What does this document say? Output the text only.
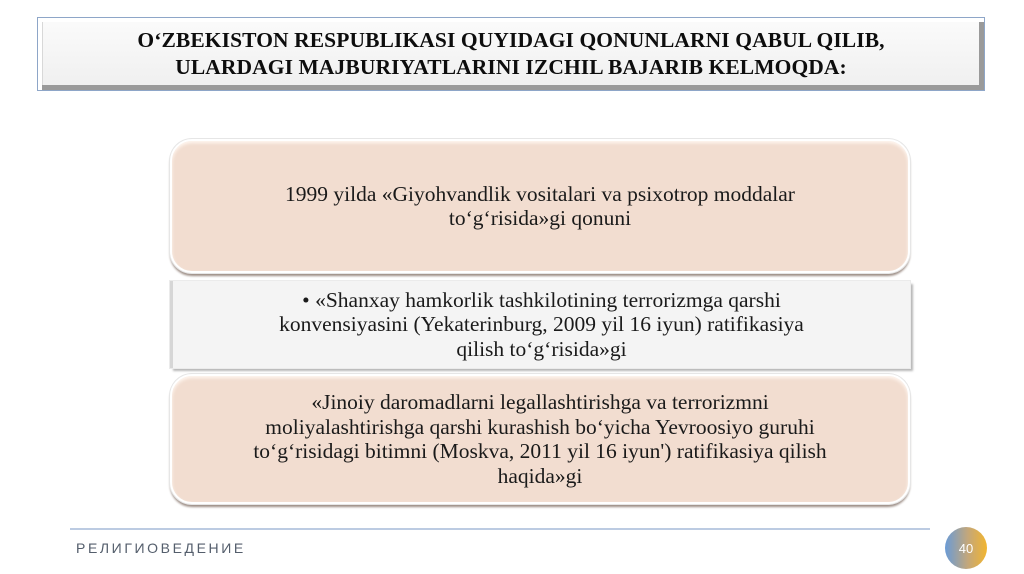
O‘ZBEKISTON RESPUBLIKASI QUYIDAGI QONUNLARNI QABUL QILIB,
ULARDAGI MAJBURIYATLARINI IZCHIL BAJARIB KELMOQDA:
1999 yilda «Giyohvandlik vositalari va psixotrop moddalar
to‘g‘risida»gi qonuni
• «Shanxay hamkorlik tashkilotining terrorizmga qarshi
konvensiyasini (Yekaterinburg, 2009 yil 16 iyun) ratifikasiya
qilish to‘g‘risida»gi
«Jinoiy daromadlarni legallashtirishga va terrorizmni
moliyalashtirishga qarshi kurashish bo‘yicha Yevroosiyo guruhi
to‘g‘risidagi bitimni (Moskva, 2011 yil 16 iyun') ratifikasiya qilish
haqida»gi
РЕЛИГИОВЕДЕНИЕ	40
